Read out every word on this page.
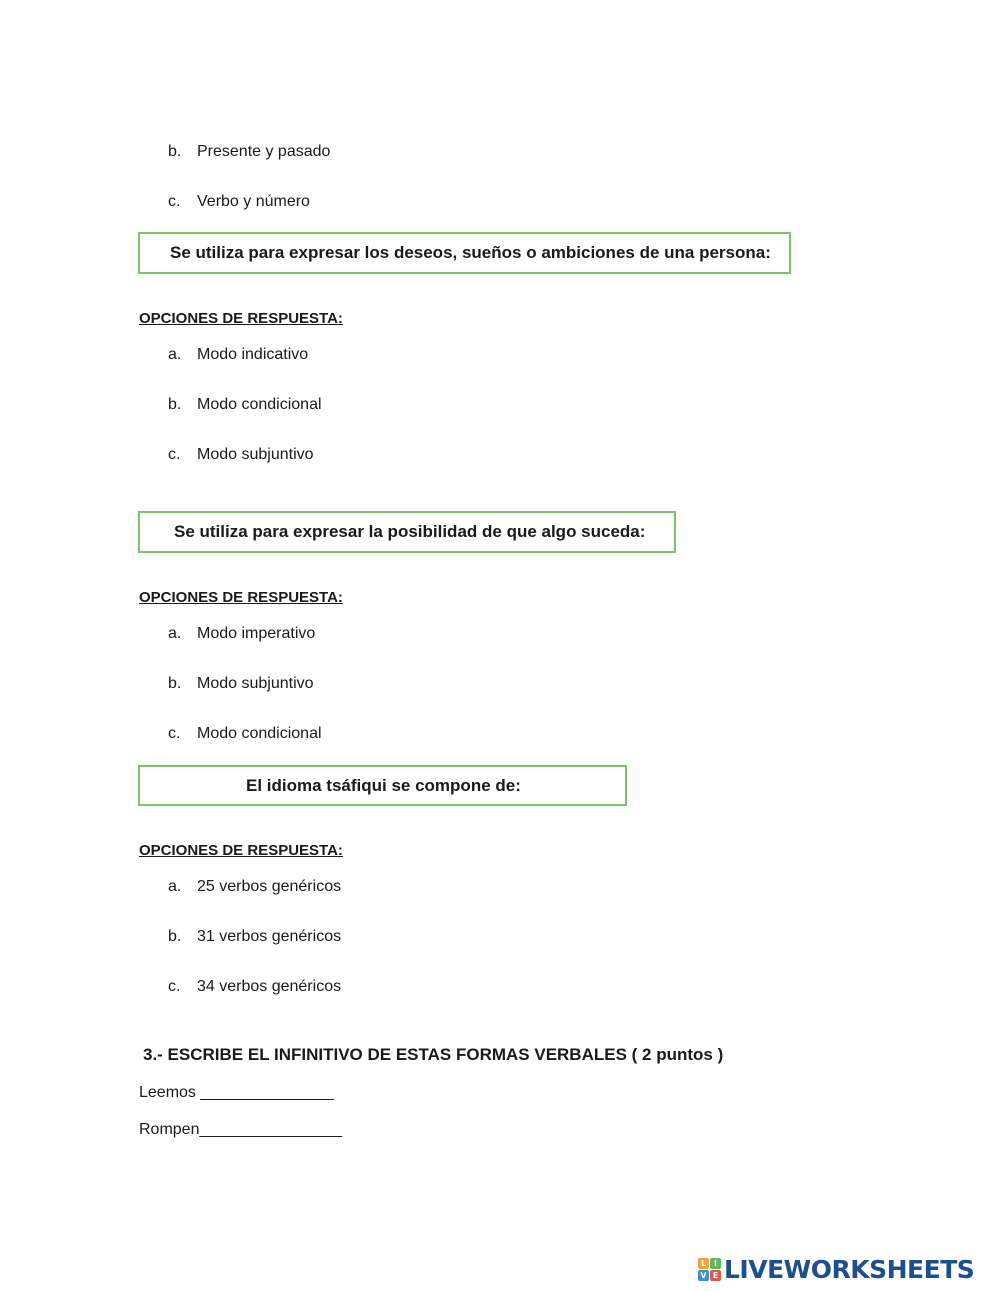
b. Presente y pasado
c.	Verbo y número
Se utiliza para expresar los deseos, sueños o ambiciones de una persona:
OPCIONES DE RESPUESTA:
a. Modo indicativo
b. Modo condicional
c.	Modo subjuntivo
Se utiliza para expresar la posibilidad de que algo suceda:
OPCIONES DE RESPUESTA:
a. Modo imperativo
b. Modo subjuntivo
c.	Modo condicional
El idioma tsáfiqui se compone de:
OPCIONES DE RESPUESTA:
a. 25 verbos genéricos
b. 31 verbos genéricos
c.	34 verbos genéricos
3.- ESCRIBE EL INFINITIVO DE ESTAS FORMAS VERBALES ( 2 puntos )
Leemos _______________
Rompen________________
L I
V E LIVEWORKSHEETS
